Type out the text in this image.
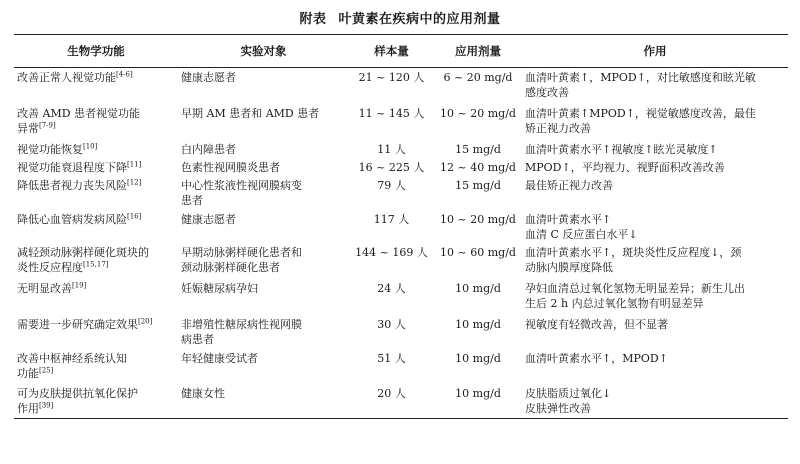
附表 叶黄素在疾病中的应用剂量
生物学功能	实验对象	样本量	应用剂量	作用

改善正常人视觉功能[4-6]	健康志愿者	21 ~ 120 人	6 ~ 20 mg/d	血清叶黄素↑，MPOD↑，对比敏感度和眩光敏
感度改善

改善 AMD 患者视觉功能
异常[7-9]	早期 AM 患者和 AMD 患者	11 ~ 145 人	10 ~ 20 mg/d	血清叶黄素↑MPOD↑，视觉敏感度改善，最佳
矫正视力改善

视觉功能恢复[10]	白内障患者	11 人	15 mg/d	血清叶黄素水平↑视敏度↑眩光灵敏度↑

视觉功能衰退程度下降[11]	色素性视网膜炎患者	16 ~ 225 人	12 ~ 40 mg/d	MPOD↑，平均视力、视野面积改善改善

降低患者视力丧失风险[12]	中心性浆液性视网膜病变
患者	79 人	15 mg/d	最佳矫正视力改善

降低心血管病发病风险[16]	健康志愿者	117 人	10 ~ 20 mg/d	血清叶黄素水平↑
血清 C 反应蛋白水平↓

减轻颈动脉粥样硬化斑块的
炎性反应程度[15,17]	早期动脉粥样硬化患者和
颈动脉粥样硬化患者	144 ~ 169 人	10 ~ 60 mg/d	血清叶黄素水平↑，斑块炎性反应程度↓，颈
动脉内膜厚度降低

无明显改善[19]	妊娠糖尿病孕妇	24 人	10 mg/d	孕妇血清总过氧化氢物无明显差异；新生儿出
生后 2 h 内总过氧化氢物有明显差异

需要进一步研究确定效果[20]	非增殖性糖尿病性视网膜
病患者	30 人	10 mg/d	视敏度有轻微改善，但不显著

改善中枢神经系统认知
功能[25]	年轻健康受试者	51 人	10 mg/d	血清叶黄素水平↑，MPOD↑

可为皮肤提供抗氧化保护
作用[39]	健康女性	20 人	10 mg/d	皮肤脂质过氧化↓
皮肤弹性改善
